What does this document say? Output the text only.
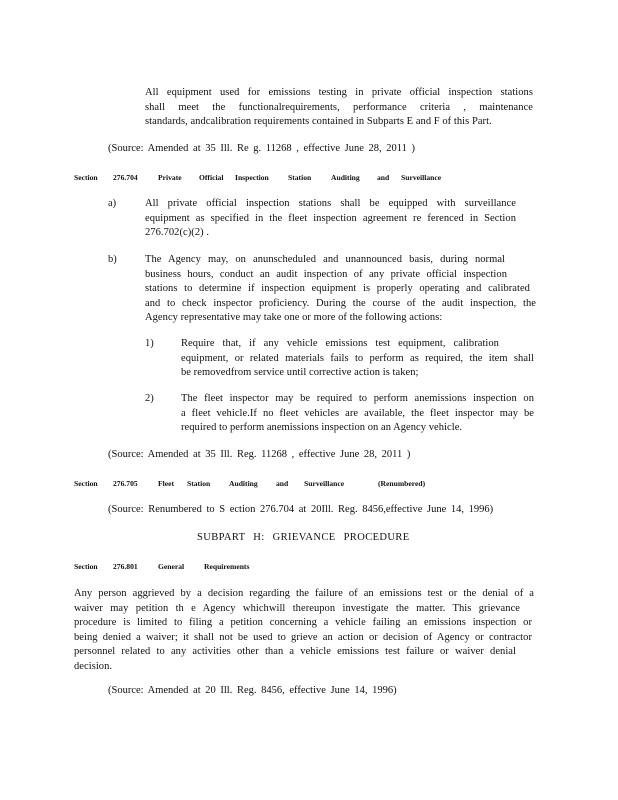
All equipment used for emissions testing in private official inspection stations
shall meet the functionalrequirements, performance criteria , maintenance
standards, andcalibration requirements contained in Subparts E and F of this Part.
(Source: Amended at 35 Ill. Re g. 11268 , effective June 28, 2011 )
Section	276.704	Private	Official	Inspection	Station	Auditing	and	Surveillance
a)	All private official inspection stations shall be equipped with surveillance
equipment as specified in the fleet inspection agreement re ferenced in Section
276.702(c)(2) .
b)	The Agency may, on anunscheduled and unannounced basis, during normal
business hours, conduct an audit inspection of any private official inspection
stations to determine if inspection equipment is properly operating and calibrated
and to check inspector proficiency. During the course of the audit inspection, the
Agency representative may take one or more of the following actions:
1)	Require that, if any vehicle emissions test equipment, calibration
equipment, or related materials fails to perform as required, the item shall
be removedfrom service until corrective action is taken;
2)	The fleet inspector may be required to perform anemissions inspection on
a fleet vehicle.If no fleet vehicles are available, the fleet inspector may be
required to perform anemissions inspection on an Agency vehicle.
(Source: Amended at 35 Ill. Reg. 11268 , effective June 28, 2011 )
Section	276.705	Fleet	Station	Auditing	and	Surveillance	(Renumbered)
(Source: Renumbered to S ection 276.704 at 20Ill. Reg. 8456,effective June 14, 1996)
SUBPART H: GRIEVANCE PROCEDURE
Section	276.801	General	Requirements
Any person aggrieved by a decision regarding the failure of an emissions test or the denial of a
waiver may petition th e Agency whichwill thereupon investigate the matter. This grievance
procedure is limited to filing a petition concerning a vehicle failing an emissions inspection or
being denied a waiver; it shall not be used to grieve an action or decision of Agency or contractor
personnel related to any activities other than a vehicle emissions test failure or waiver denial
decision.
(Source: Amended at 20 Ill. Reg. 8456, effective June 14, 1996)
